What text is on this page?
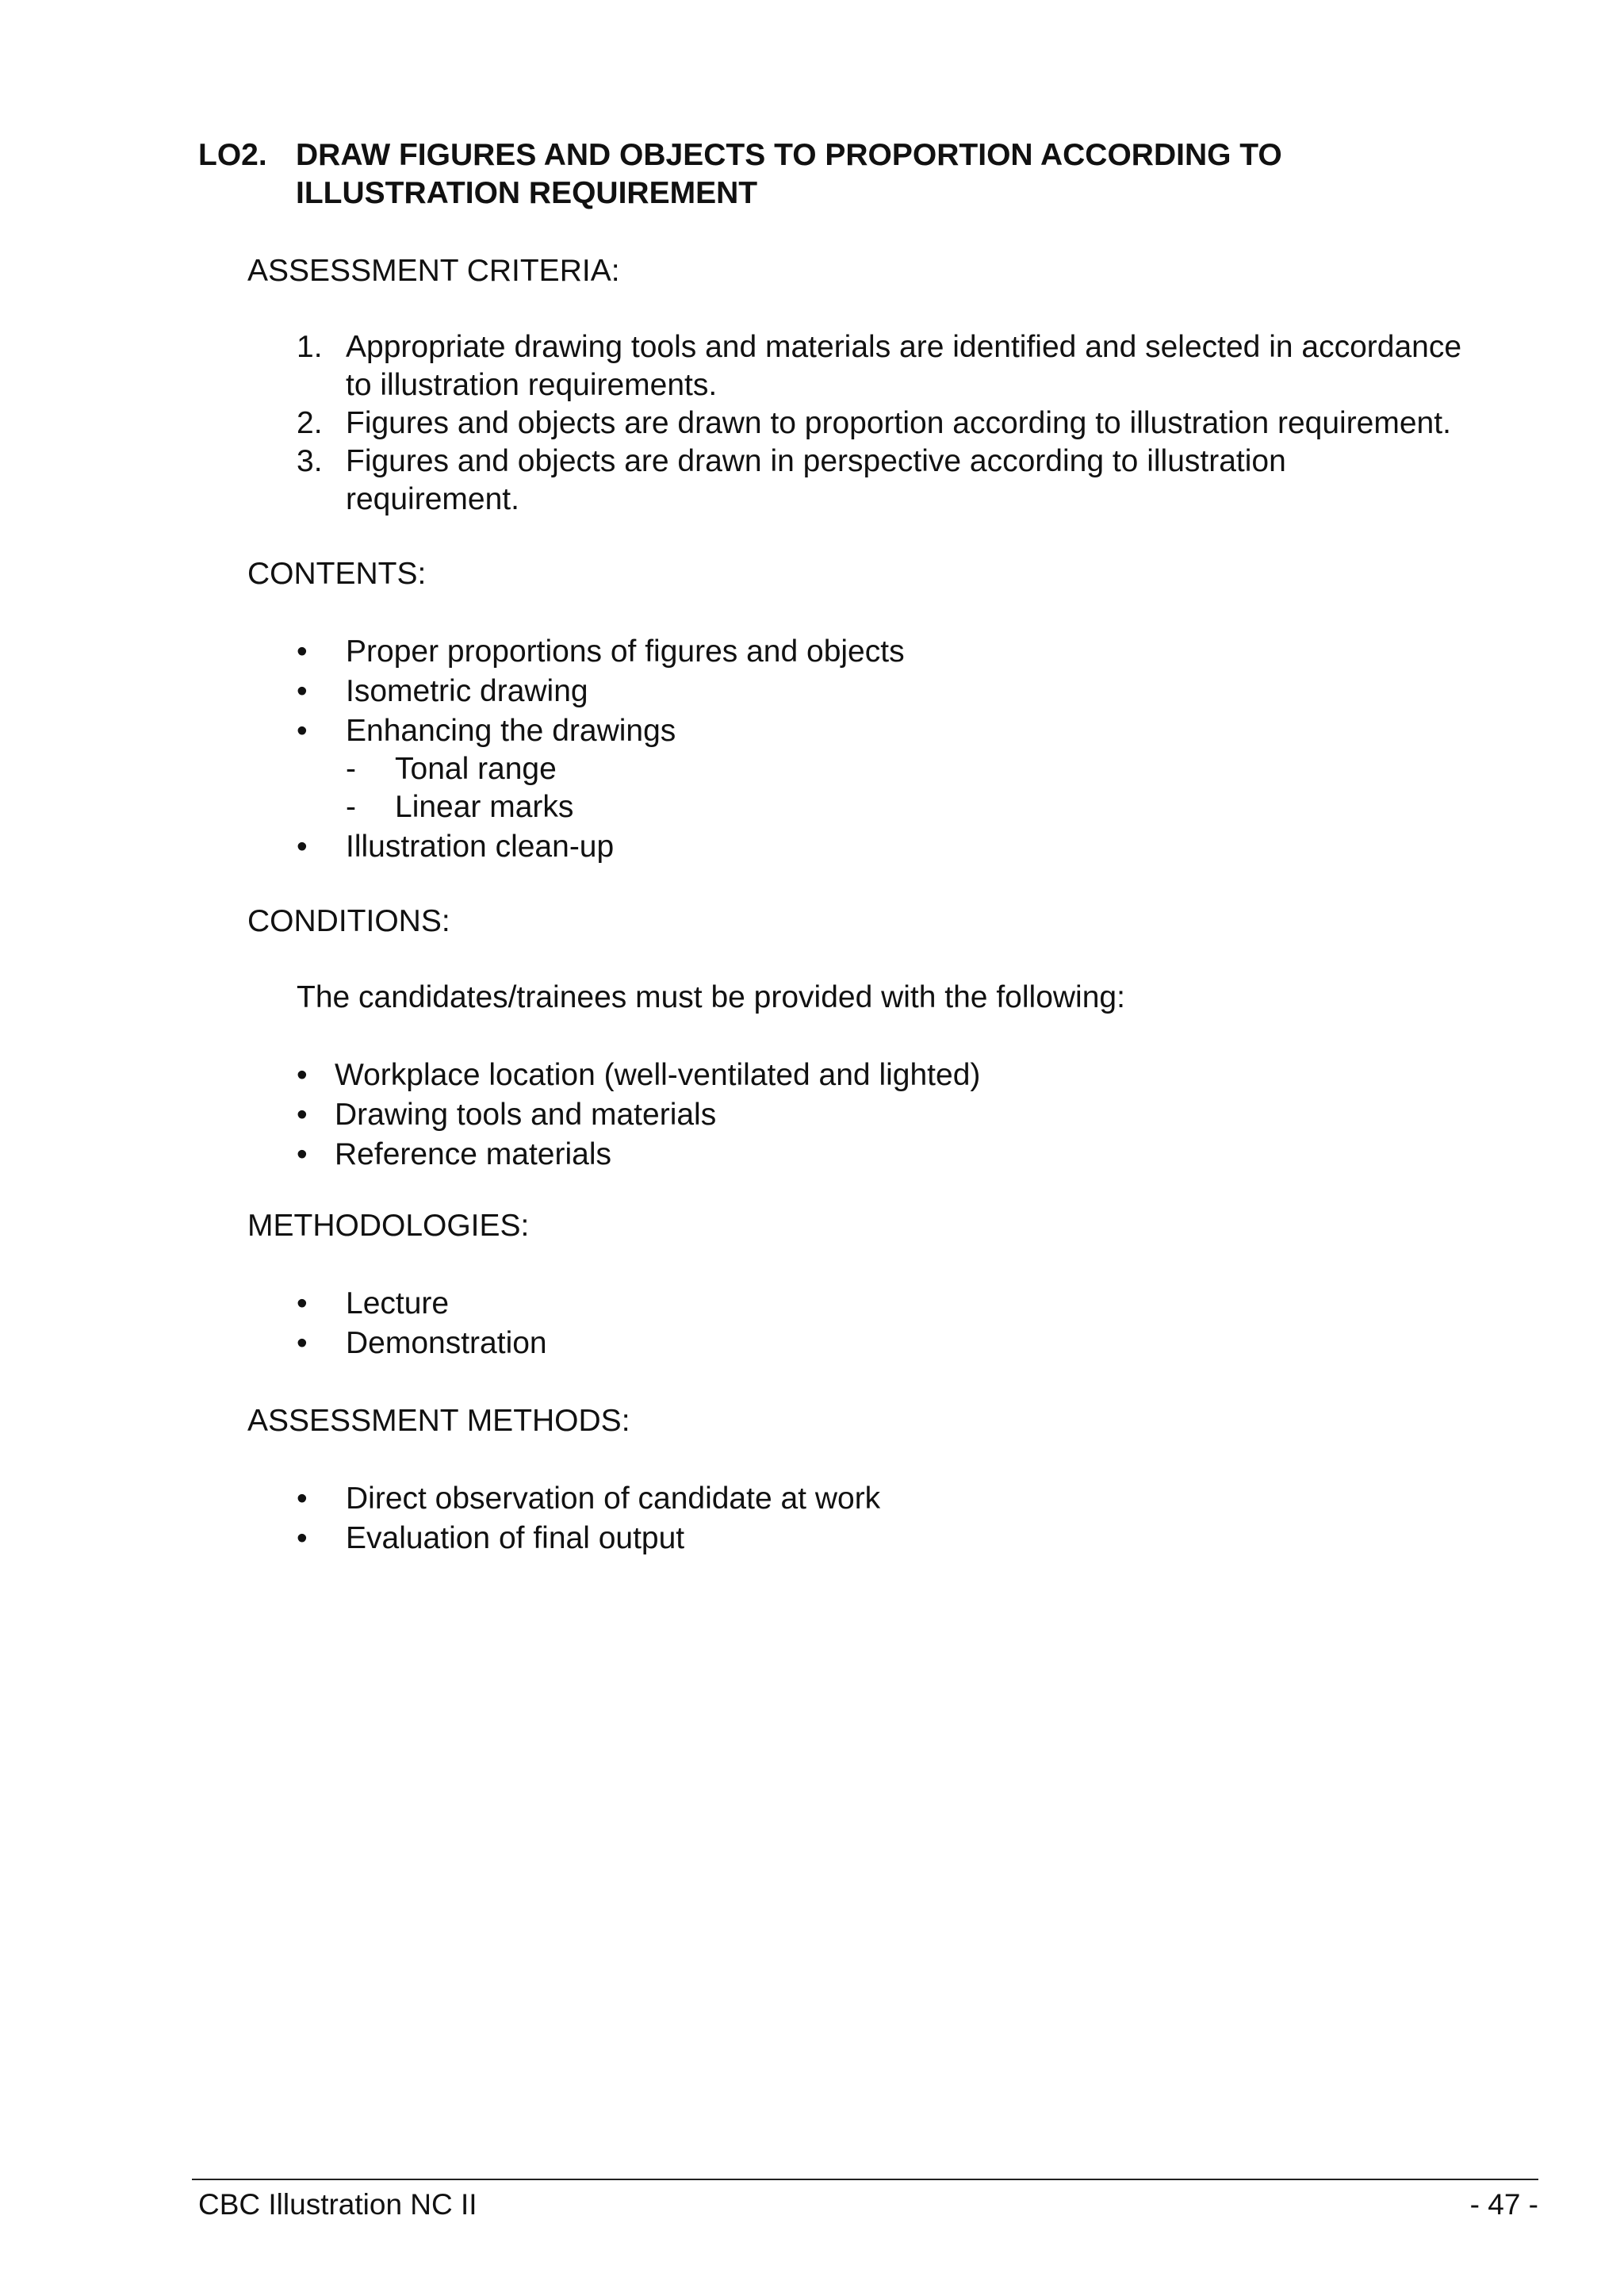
LO2. DRAW FIGURES AND OBJECTS TO PROPORTION ACCORDING TO
ILLUSTRATION REQUIREMENT
ASSESSMENT CRITERIA:
1. Appropriate drawing tools and materials are identified and selected in accordance
to illustration requirements.
2. Figures and objects are drawn to proportion according to illustration requirement.
3. Figures and objects are drawn in perspective according to illustration
requirement.
CONTENTS:
• Proper proportions of figures and objects
• Isometric drawing
• Enhancing the drawings
- Tonal range
- Linear marks
• Illustration clean-up
CONDITIONS:
The candidates/trainees must be provided with the following:
• Workplace location (well-ventilated and lighted)
• Drawing tools and materials
• Reference materials
METHODOLOGIES:
• Lecture
• Demonstration
ASSESSMENT METHODS:
• Direct observation of candidate at work
• Evaluation of final output
CBC Illustration NC II	- 47 -
